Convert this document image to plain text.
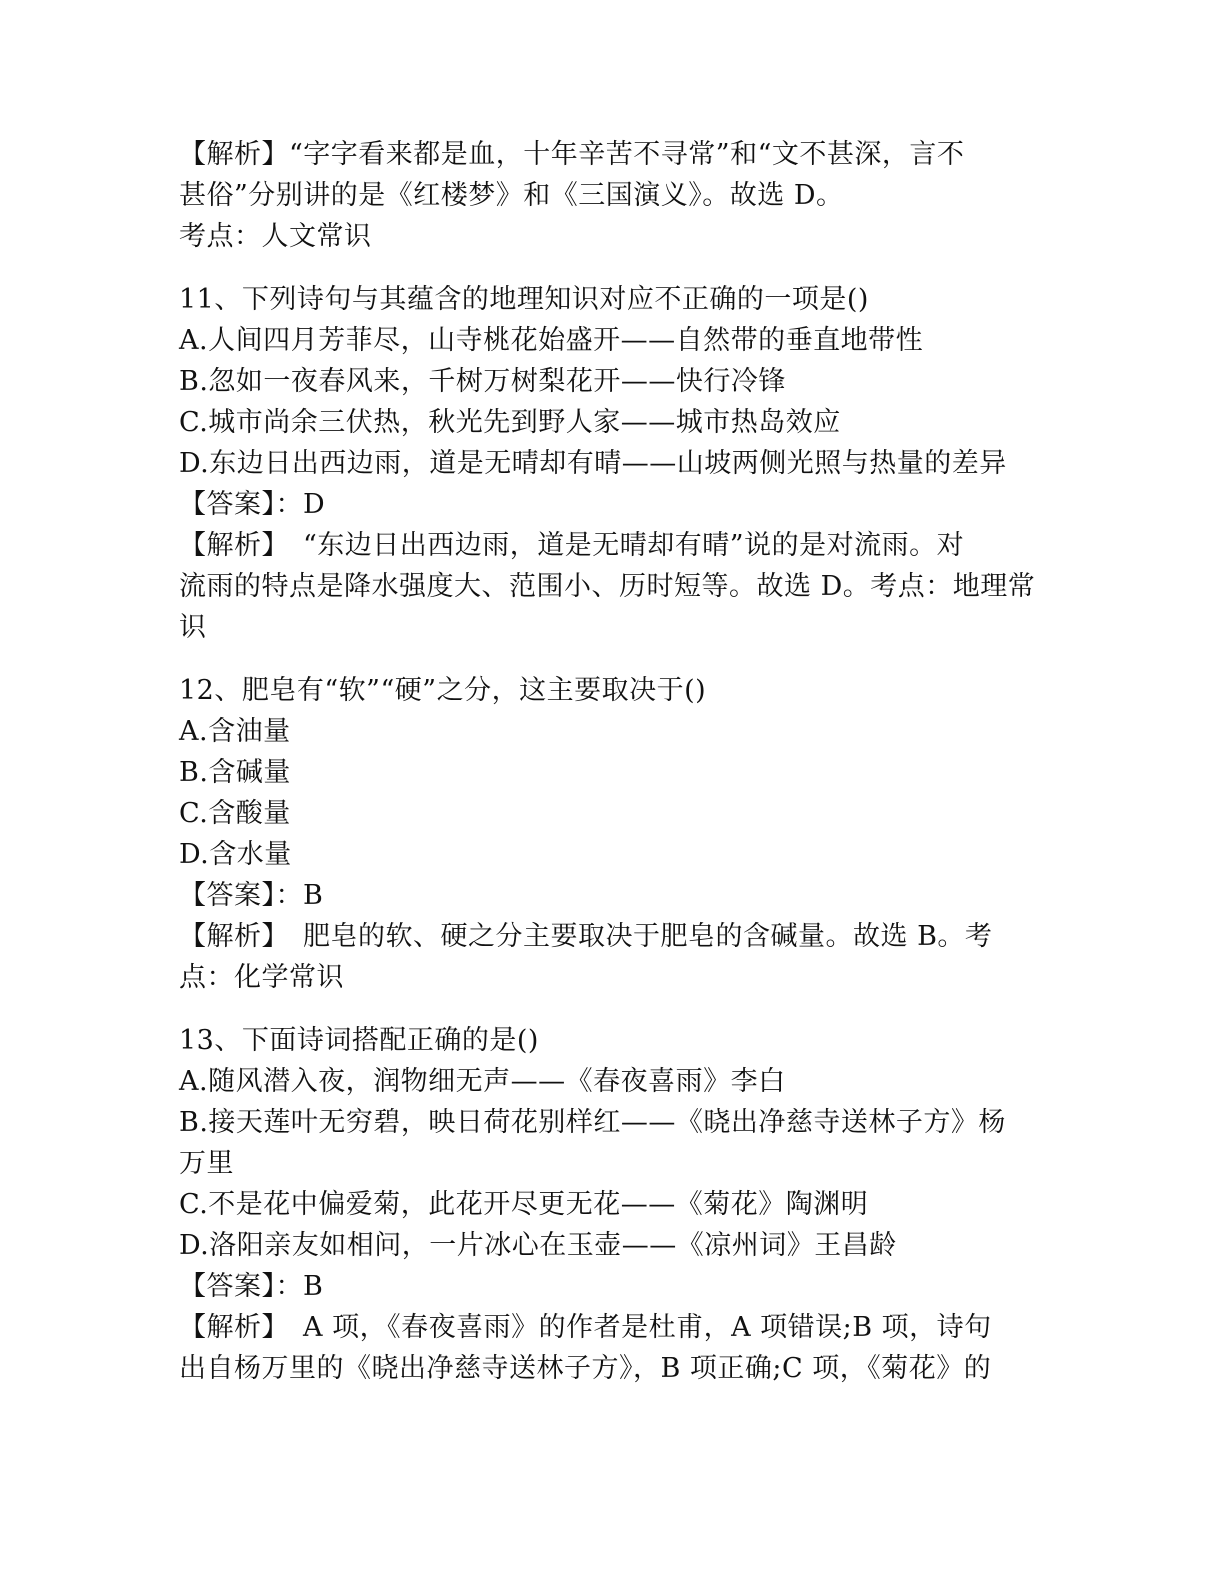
【解析】“字字看来都是血，十年辛苦不寻常”和“文不甚深，言不
甚俗”分别讲的是《红楼梦》和《三国演义》。故选 D。
考点：人文常识
11、下列诗句与其蕴含的地理知识对应不正确的一项是()
A.人间四月芳菲尽，山寺桃花始盛开——自然带的垂直地带性
B.忽如一夜春风来，千树万树梨花开——快行冷锋
C.城市尚余三伏热，秋光先到野人家——城市热岛效应
D.东边日出西边雨，道是无晴却有晴——山坡两侧光照与热量的差异
【答案】：D
【解析】　“东边日出西边雨，道是无晴却有晴”说的是对流雨。对
流雨的特点是降水强度大、范围小、历时短等。故选 D。考点：地理常
识
12、肥皂有“软”“硬”之分，这主要取决于()
A.含油量
B.含碱量
C.含酸量
D.含水量
【答案】：B
【解析】　肥皂的软、硬之分主要取决于肥皂的含碱量。故选 B。考
点：化学常识
13、下面诗词搭配正确的是()
A.随风潜入夜，润物细无声——《春夜喜雨》李白
B.接天莲叶无穷碧，映日荷花别样红——《晓出净慈寺送林子方》杨
万里
C.不是花中偏爱菊，此花开尽更无花——《菊花》陶渊明
D.洛阳亲友如相问，一片冰心在玉壶——《凉州词》王昌龄
【答案】：B
【解析】　A 项，《春夜喜雨》的作者是杜甫，A 项错误;B 项，诗句
出自杨万里的《晓出净慈寺送林子方》，B 项正确;C 项，《菊花》的
